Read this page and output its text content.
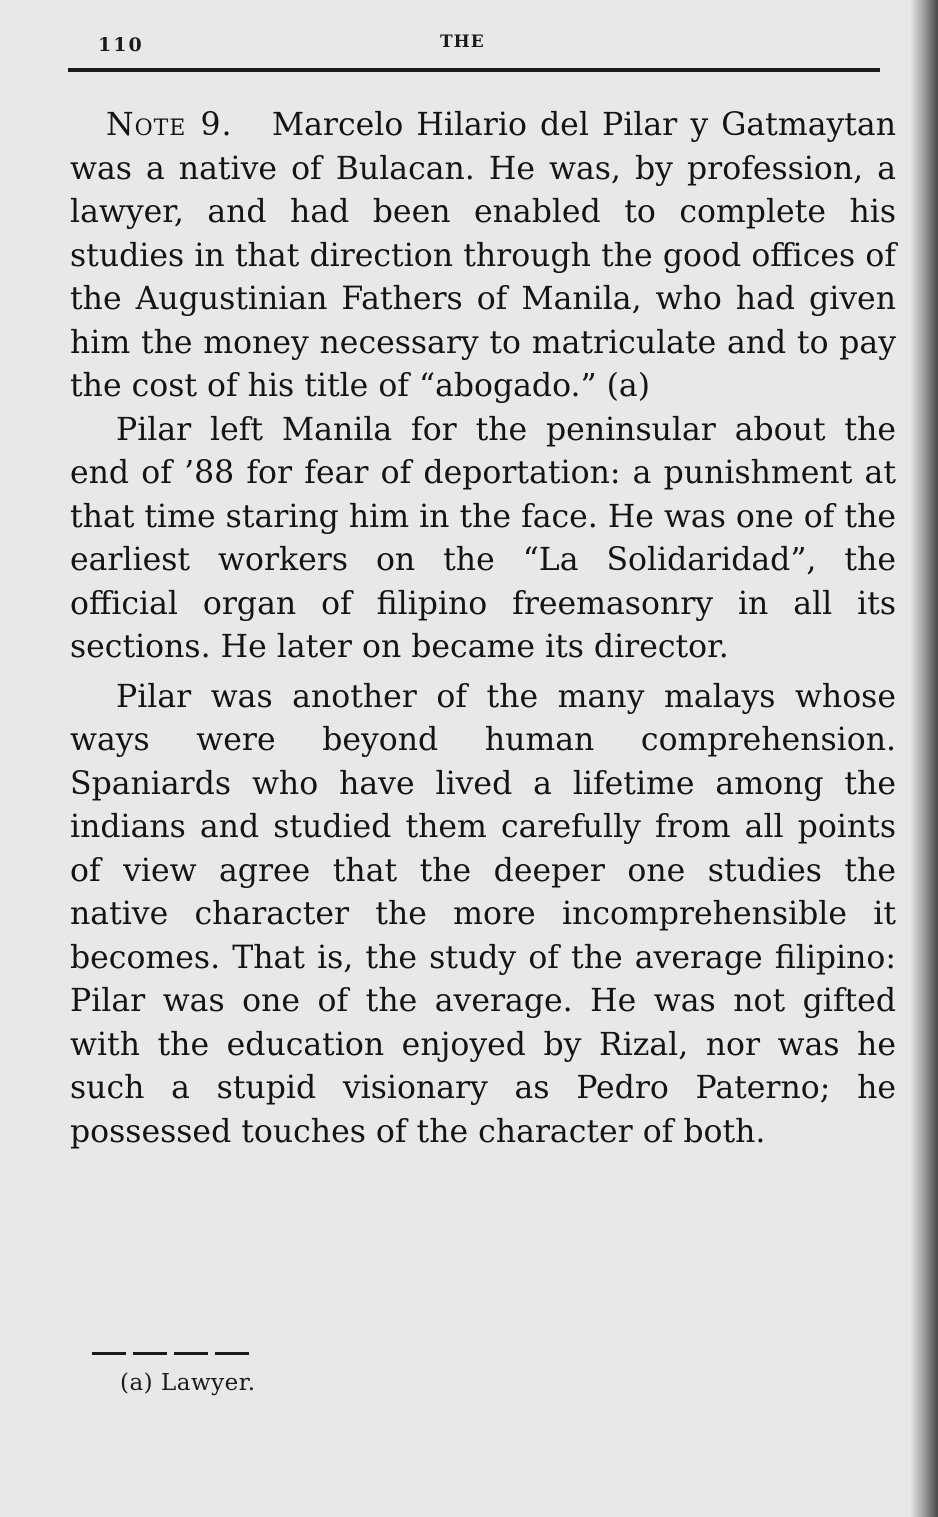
110	THE

Note 9. Marcelo Hilario del Pilar y Gatmaytan was a native of Bulacan. He was, by profession, a lawyer, and had been enabled to complete his studies in that direction through the good offices of the Augustinian Fathers of Manila, who had given him the money necessary to matriculate and to pay the cost of his title of “abogado.” (a)

Pilar left Manila for the peninsular about the end of ’88 for fear of deportation: a punishment at that time staring him in the face. He was one of the earliest workers on the “La Solidaridad”, the official organ of filipino freemasonry in all its sections. He later on became its director.

Pilar was another of the many malays whose ways were beyond human comprehension. Spaniards who have lived a lifetime among the indians and studied them carefully from all points of view agree that the deeper one studies the native character the more incomprehensible it becomes. That is, the study of the average filipino: Pilar was one of the average. He was not gifted with the education enjoyed by Rizal, nor was he such a stupid visionary as Pedro Paterno; he possessed touches of the character of both.

(a) Lawyer.
